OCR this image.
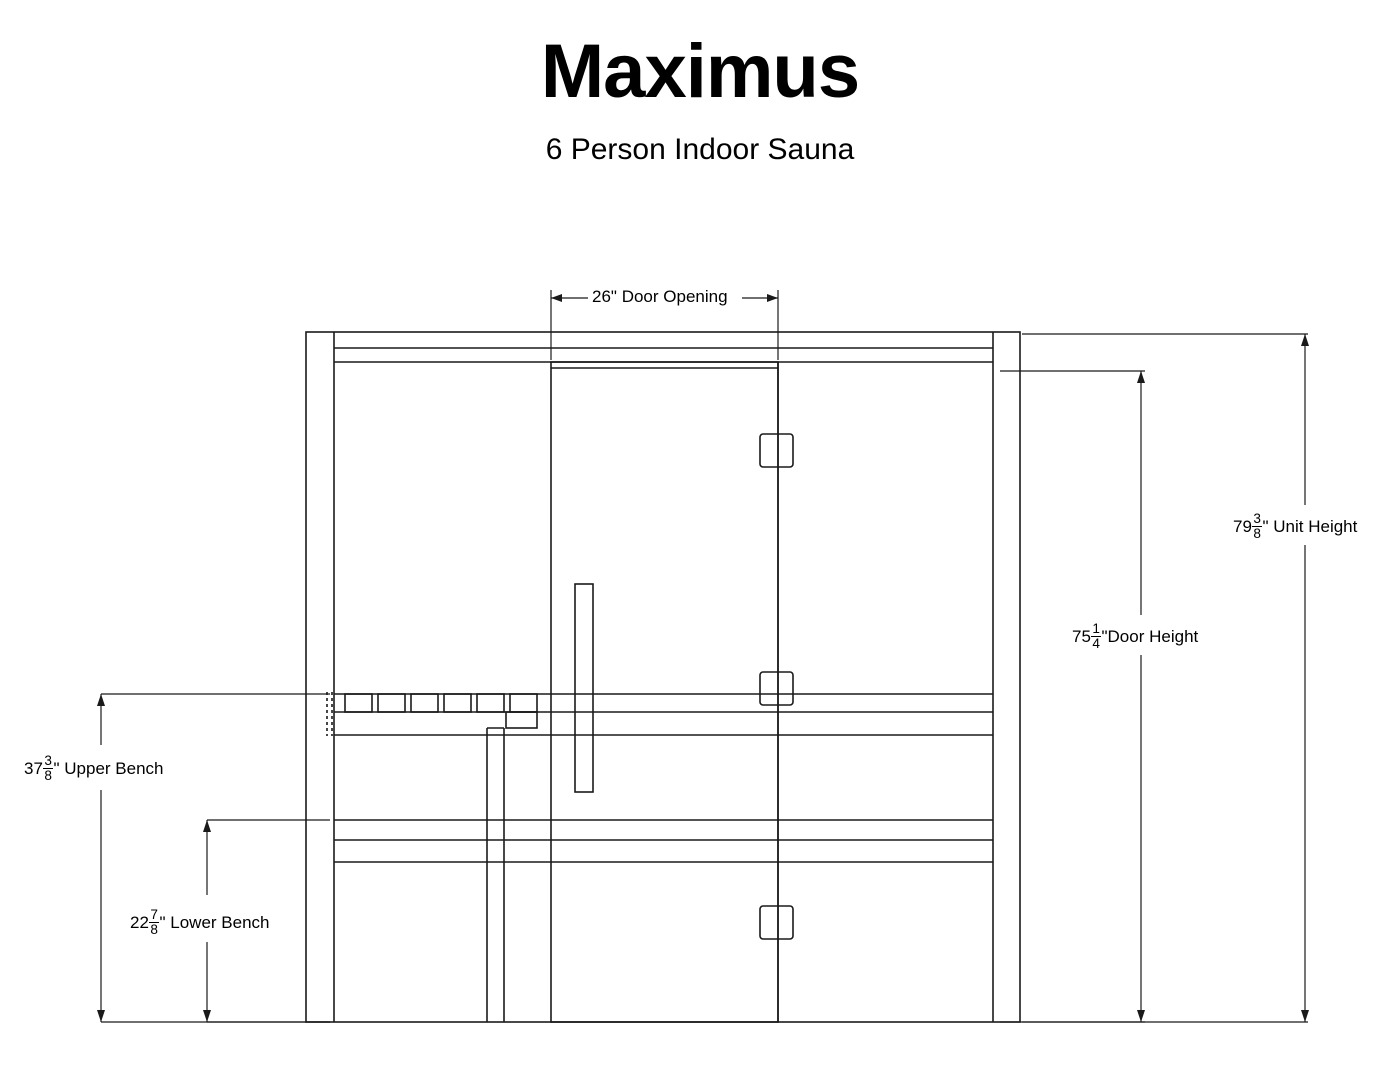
Maximus
6 Person Indoor Sauna
26" Door Opening
$79 \frac{3}{8}$ " Unit Height
$75 \frac{1}{4}$ "Door Height
$37 \frac{3}{8}$ " Upper Bench
$22 \frac{7}{8}$ " Lower Bench
